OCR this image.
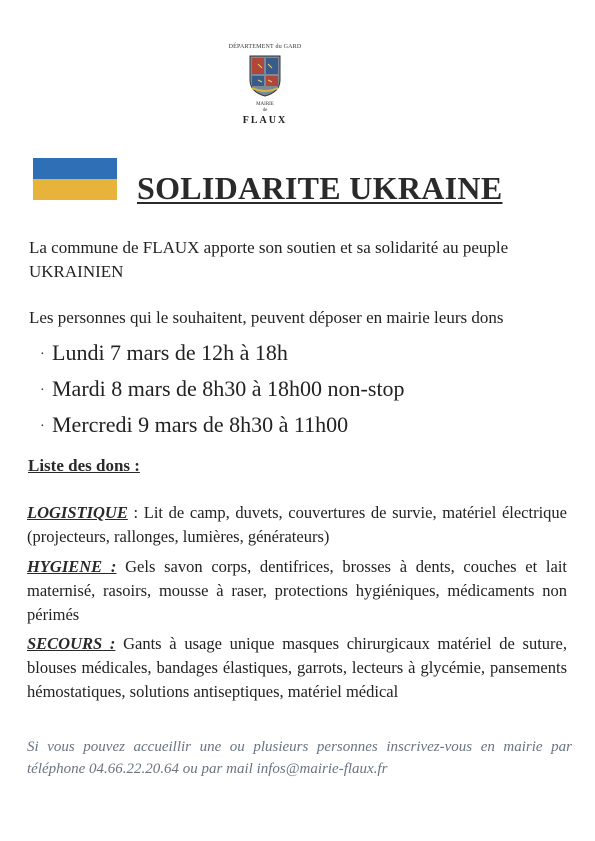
DÉPARTEMENT du GARD
MAIRIE
de
FLAUX
SOLIDARITE UKRAINE
La commune de FLAUX apporte son soutien et sa solidarité au peuple UKRAINIEN
Les personnes qui le souhaitent, peuvent déposer en mairie leurs dons
· Lundi 7 mars de 12h à 18h
· Mardi 8 mars de 8h30 à 18h00 non-stop
· Mercredi 9 mars de 8h30 à 11h00
Liste des dons :
LOGISTIQUE : Lit de camp, duvets, couvertures de survie, matériel électrique (projecteurs, rallonges, lumières, générateurs)
HYGIENE : Gels savon corps, dentifrices, brosses à dents, couches et lait maternisé, rasoirs, mousse à raser, protections hygiéniques, médicaments non périmés
SECOURS : Gants à usage unique masques chirurgicaux matériel de suture, blouses médicales, bandages élastiques, garrots, lecteurs à glycémie, pansements hémostatiques, solutions antiseptiques, matériel médical
Si vous pouvez accueillir une ou plusieurs personnes inscrivez-vous en mairie par téléphone 04.66.22.20.64 ou par mail infos@mairie-flaux.fr
